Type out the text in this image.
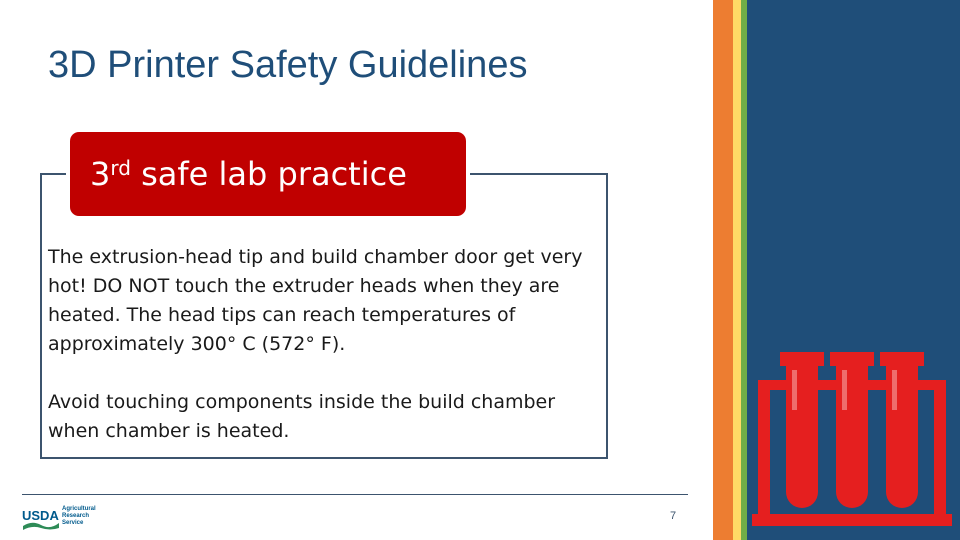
3D Printer Safety Guidelines
3rd safe lab practice

The extrusion-head tip and build chamber door get very hot! DO NOT touch the extruder heads when they are heated. The head tips can reach temperatures of approximately 300° C (572° F).

Avoid touching components inside the build chamber when chamber is heated.

USDA Agricultural
Research
Service
7
